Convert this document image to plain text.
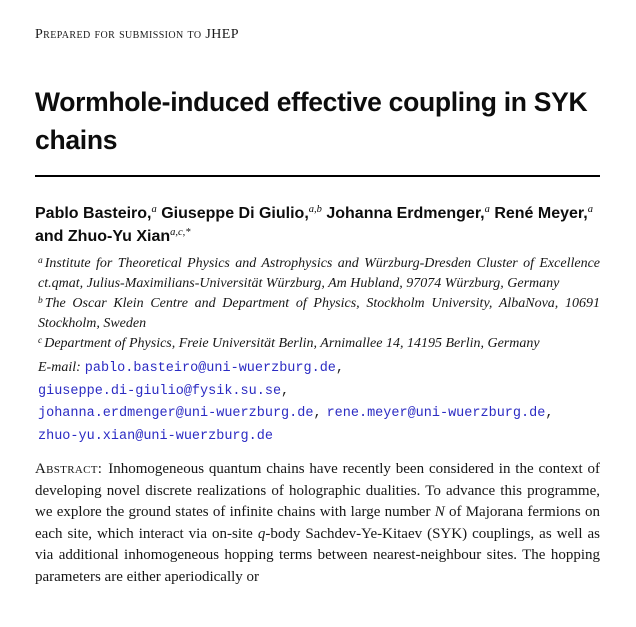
Prepared for submission to JHEP
Wormhole-induced effective coupling in SYK
chains
Pablo Basteiro,$^a$ Giuseppe Di Giulio,$^{a,b}$ Johanna Erdmenger,$^a$ René Meyer,$^a$
and Zhuo-Yu Xian$^{a,c,*}$

$^a$ Institute for Theoretical Physics and Astrophysics and Würzburg-Dresden Cluster of Excellence ct.qmat, Julius-Maximilians-Universität Würzburg, Am Hubland, 97074 Würzburg, Germany

$^b$ The Oscar Klein Centre and Department of Physics, Stockholm University, AlbaNova, 10691 Stockholm, Sweden

$^c$ Department of Physics, Freie Universität Berlin, Arnimallee 14, 14195 Berlin, Germany

E-mail: pablo.basteiro@uni-wuerzburg.de,
giuseppe.di-giulio@fysik.su.se,
johanna.erdmenger@uni-wuerzburg.de, rene.meyer@uni-wuerzburg.de,
zhuo-yu.xian@uni-wuerzburg.de

Abstract: Inhomogeneous quantum chains have recently been considered in the context of developing novel discrete realizations of holographic dualities. To advance this programme, we explore the ground states of infinite chains with large number N of Majorana fermions on each site, which interact via on-site q-body Sachdev-Ye-Kitaev (SYK) couplings, as well as via additional inhomogeneous hopping terms between nearest-neighbour sites. The hopping parameters are either aperiodically or
